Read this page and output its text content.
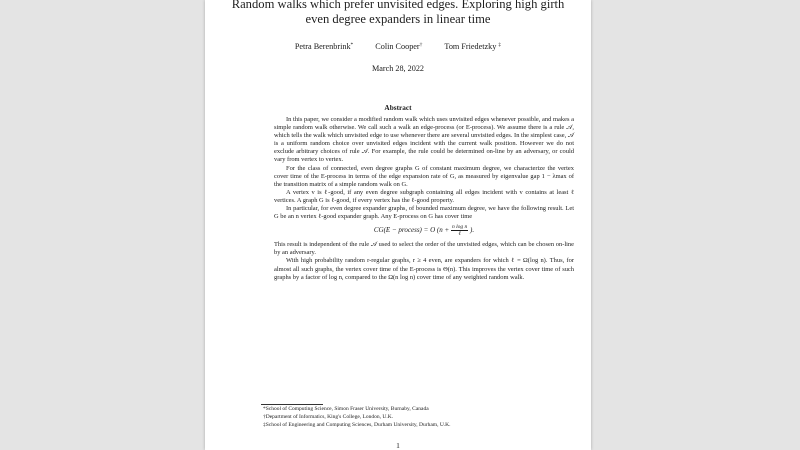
Random walks which prefer unvisited edges. Exploring high girth
even degree expanders in linear time
Petra Berenbrink*	Colin Cooper†	Tom Friedetzky ‡
March 28, 2022
Abstract

In this paper, we consider a modified random walk which uses unvisited edges whenever possible, and makes a simple random walk otherwise. We call such a walk an edge-process (or E-process). We assume there is a rule 𝒜, which tells the walk which unvisited edge to use whenever there are several unvisited edges. In the simplest case, 𝒜 is a uniform random choice over unvisited edges incident with the current walk position. However we do not exclude arbitrary choices of rule 𝒜. For example, the rule could be determined on-line by an adversary, or could vary from vertex to vertex.

For the class of connected, even degree graphs G of constant maximum degree, we characterize the vertex cover time of the E-process in terms of the edge expansion rate of G, as measured by eigenvalue gap 1 − λmax of the transition matrix of a simple random walk on G.

A vertex v is ℓ-good, if any even degree subgraph containing all edges incident with v contains at least ℓ vertices. A graph G is ℓ-good, if every vertex has the ℓ-good property.

In particular, for even degree expander graphs, of bounded maximum degree, we have the following result. Let G be an n vertex ℓ-good expander graph. Any E-process on G has cover time

CG(E − process) = O ($n + \frac{\text{n log n}}{\text{ℓ}}$ ).

This result is independent of the rule 𝒜 used to select the order of the unvisited edges, which can be chosen on-line by an adversary.

With high probability random r-regular graphs, r ≥ 4 even, are expanders for which ℓ = Ω(log n). Thus, for almost all such graphs, the vertex cover time of the E-process is Θ(n). This improves the vertex cover time of such graphs by a factor of log n, compared to the Ω(n log n) cover time of any weighted random walk.

*School of Computing Science, Simon Fraser University, Burnaby, Canada
†Department of Informatics, King's College, London, U.K.
‡School of Engineering and Computing Sciences, Durham University, Durham, U.K.
1
